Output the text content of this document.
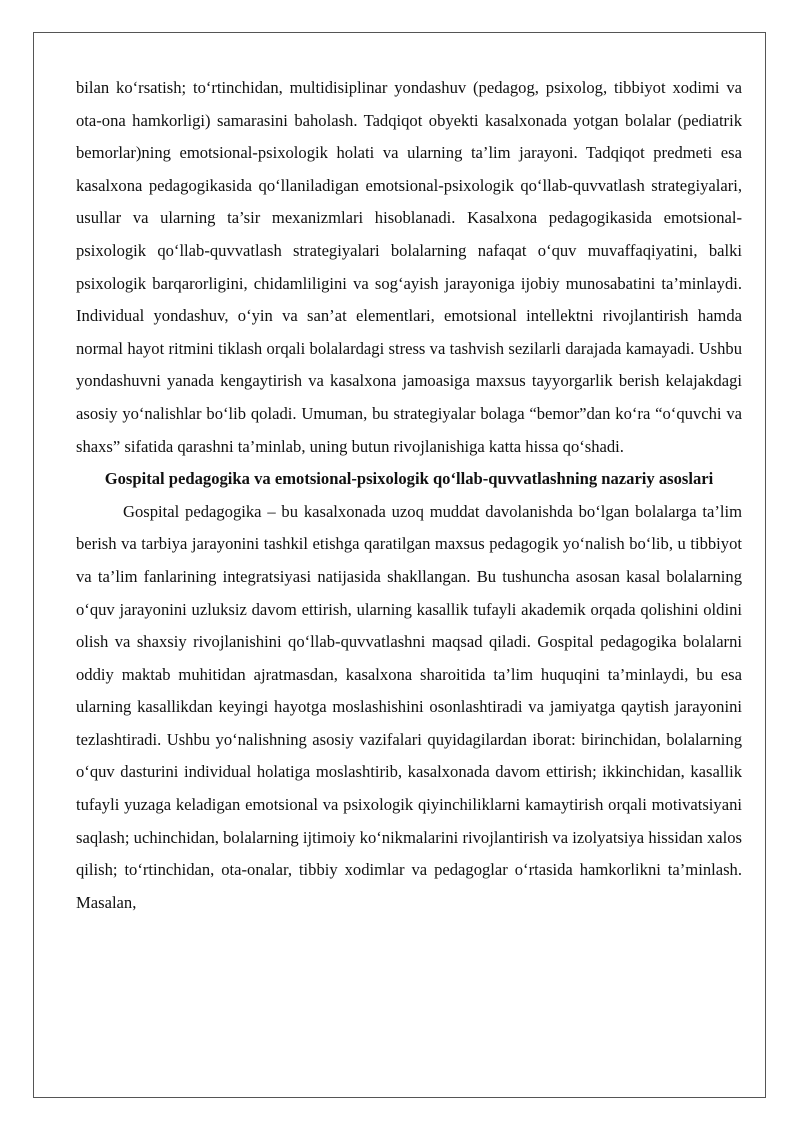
bilan ko‘rsatish; to‘rtinchidan, multidisiplinar yondashuv (pedagog, psixolog, tibbiyot xodimi va ota-ona hamkorligi) samarasini baholash. Tadqiqot obyekti kasalxonada yotgan bolalar (pediatrik bemorlar)ning emotsional-psixologik holati va ularning ta’lim jarayoni. Tadqiqot predmeti esa kasalxona pedagogikasida qo‘llaniladigan emotsional-psixologik qo‘llab-quvvatlash strategiyalari, usullar va ularning ta’sir mexanizmlari hisoblanadi. Kasalxona pedagogikasida emotsional-psixologik qo‘llab-quvvatlash strategiyalari bolalarning nafaqat o‘quv muvaffaqiyatini, balki psixologik barqarorligini, chidamliligini va sog‘ayish jarayoniga ijobiy munosabatini ta’minlaydi. Individual yondashuv, o‘yin va san’at elementlari, emotsional intellektni rivojlantirish hamda normal hayot ritmini tiklash orqali bolalardagi stress va tashvish sezilarli darajada kamayadi. Ushbu yondashuvni yanada kengaytirish va kasalxona jamoasiga maxsus tayyorgarlik berish kelajakdagi asosiy yo‘nalishlar bo‘lib qoladi. Umuman, bu strategiyalar bolaga “bemor”dan ko‘ra “o‘quvchi va shaxs” sifatida qarashni ta’minlab, uning butun rivojlanishiga katta hissa qo‘shadi.

Gospital pedagogika va emotsional-psixologik qo‘llab-quvvatlashning nazariy asoslari

Gospital pedagogika – bu kasalxonada uzoq muddat davolanishda bo‘lgan bolalarga ta’lim berish va tarbiya jarayonini tashkil etishga qaratilgan maxsus pedagogik yo‘nalish bo‘lib, u tibbiyot va ta’lim fanlarining integratsiyasi natijasida shakllangan. Bu tushuncha asosan kasal bolalarning o‘quv jarayonini uzluksiz davom ettirish, ularning kasallik tufayli akademik orqada qolishini oldini olish va shaxsiy rivojlanishini qo‘llab-quvvatlashni maqsad qiladi. Gospital pedagogika bolalarni oddiy maktab muhitidan ajratmasdan, kasalxona sharoitida ta’lim huquqini ta’minlaydi, bu esa ularning kasallikdan keyingi hayotga moslashishini osonlashtiradi va jamiyatga qaytish jarayonini tezlashtiradi. Ushbu yo‘nalishning asosiy vazifalari quyidagilardan iborat: birinchidan, bolalarning o‘quv dasturini individual holatiga moslashtirib, kasalxonada davom ettirish; ikkinchidan, kasallik tufayli yuzaga keladigan emotsional va psixologik qiyinchiliklarni kamaytirish orqali motivatsiyani saqlash; uchinchidan, bolalarning ijtimoiy ko‘nikmalarini rivojlantirish va izolyatsiya hissidan xalos qilish; to‘rtinchidan, ota-onalar, tibbiy xodimlar va pedagoglar o‘rtasida hamkorlikni ta’minlash. Masalan,
